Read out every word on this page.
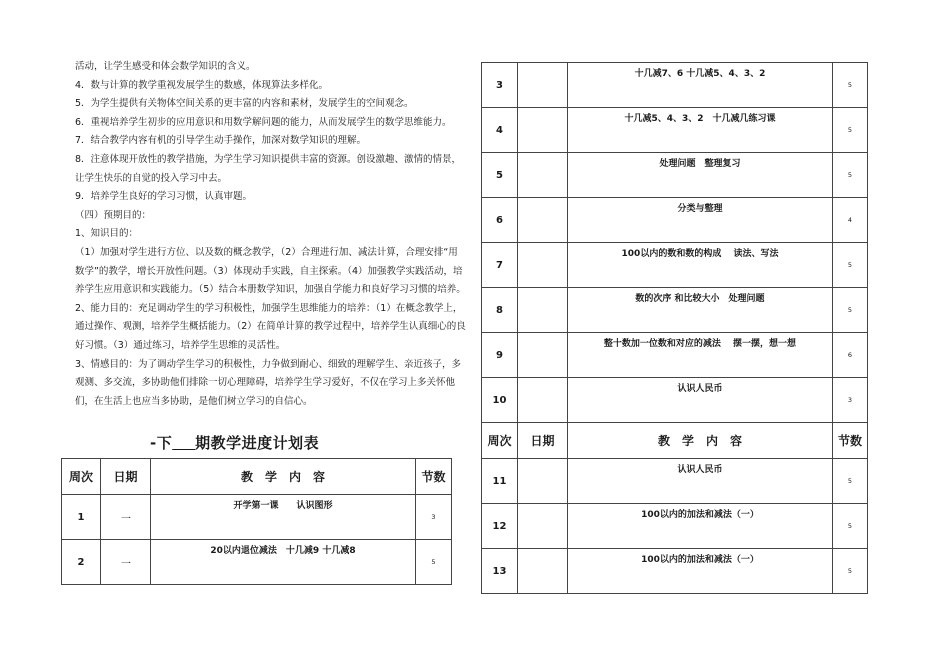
活动，让学生感受和体会数学知识的含义。

4．数与计算的教学重视发展学生的数感，体现算法多样化。

5．为学生提供有关物体空间关系的更丰富的内容和素材，发展学生的空间观念。

6．重视培养学生初步的应用意识和用数学解问题的能力，从而发展学生的数学思维能力。

7．结合教学内容有机的引导学生动手操作，加深对数学知识的理解。

8．注意体现开放性的教学措施，为学生学习知识提供丰富的资源。创设激趣、激情的情景，让学生快乐的自觉的投入学习中去。

9．培养学生良好的学习习惯，认真审题。

（四）预期目的：

1、知识目的：

（1）加强对学生进行方位、以及数的概念教学，（2）合理进行加、减法计算，合理安排“用数学”的教学，增长开放性问题。（3）体现动手实践，自主探索。（4）加强教学实践活动，培养学生应用意识和实践能力。（5）结合本册数学知识，加强自学能力和良好学习习惯的培养。

2、能力目的：充足调动学生的学习积极性，加强学生思维能力的培养：（1）在概念教学上，通过操作、观测，培养学生概括能力。（2）在简单计算的教学过程中，培养学生认真细心的良好习惯。（3）通过练习，培养学生思维的灵活性。

3、情感目的：为了调动学生学习的积极性，力争做到耐心、细致的理解学生、亲近孩子，多观测、多交流，多协助他们排除一切心理障碍，培养学生学习爱好，不仅在学习上多关怀他们，在生活上也应当多协助，是他们树立学习的自信心。

-下 期教学进度计划表
周次	日期	教　学　内　容	节数
1	一	开学第一课　　认识图形	3
2	一	20以内退位减法　十几减9 十几减8	5
3		十几减7、6 十几减5、4、3、2	5
4		十几减5、4、3、2　十几减几练习课	5
5		处理问题　整理复习	5
6		分类与整理	4
7		100以内的数和数的构成　 读法、写法	5
8		数的次序 和比较大小　处理问题	5
9		整十数加一位数和对应的减法　 摆一摆，想一想	6
10		认识人民币	3
周次	日期	教　学　内　容	节数
11		认识人民币	5
12		100以内的加法和减法（一）	5
13		100以内的加法和减法（一）	5
